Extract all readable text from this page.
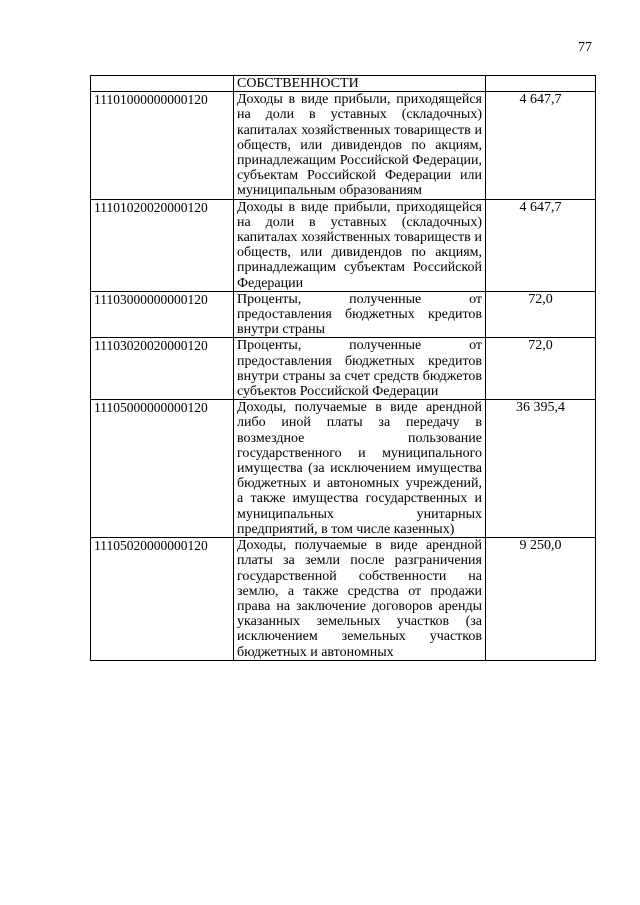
77
	СОБСТВЕННОСТИ	
11101000000000120	Доходы в виде прибыли, приходящейся на доли в уставных (складочных) капиталах хозяйственных товариществ и обществ, или дивидендов по акциям, принадлежащим Российской Федерации, субъектам Российской Федерации или муниципальным образованиям	4 647,7
11101020020000120	Доходы в виде прибыли, приходящейся на доли в уставных (складочных) капиталах хозяйственных товариществ и обществ, или дивидендов по акциям, принадлежащим субъектам Российской Федерации	4 647,7
11103000000000120	Проценты, полученные от предоставления бюджетных кредитов внутри страны	72,0
11103020020000120	Проценты, полученные от предоставления бюджетных кредитов внутри страны за счет средств бюджетов субъектов Российской Федерации	72,0
11105000000000120	Доходы, получаемые в виде арендной либо иной платы за передачу в возмездное пользование государственного и муниципального имущества (за исключением имущества бюджетных и автономных учреждений, а также имущества государственных и муниципальных унитарных предприятий, в том числе казенных)	36 395,4
11105020000000120	Доходы, получаемые в виде арендной платы за земли после разграничения государственной собственности на землю, а также средства от продажи права на заключение договоров аренды указанных земельных участков (за исключением земельных участков бюджетных и автономных	9 250,0
